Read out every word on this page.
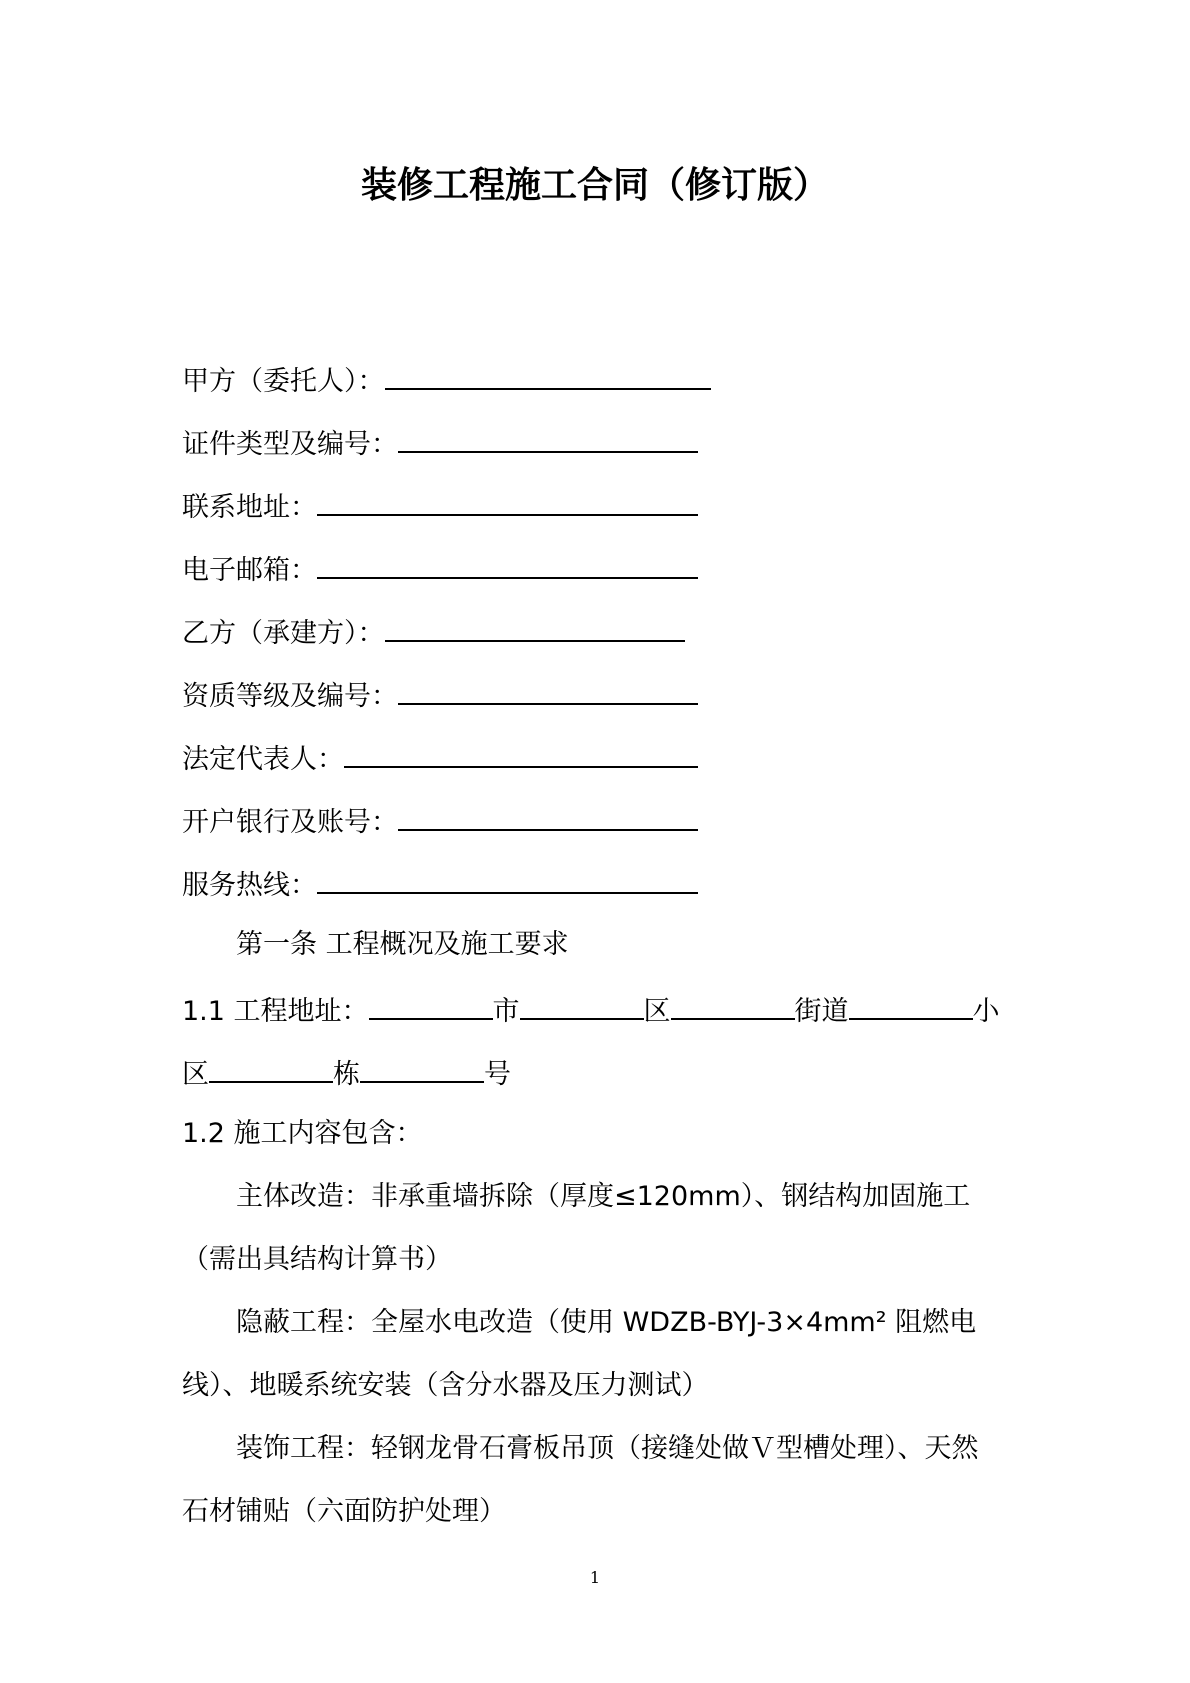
装修工程施工合同（修订版）
甲方（委托人）：
证件类型及编号：
联系地址：
电子邮箱：
乙方（承建方）：
资质等级及编号：
法定代表人：
开户银行及账号：
服务热线：
第一条 工程概况及施工要求
1.1 工程地址：	市	区	街道	小
区	栋	号
1.2 施工内容包含：
主体改造：非承重墙拆除（厚度≤120mm）、钢结构加固施工
（需出具结构计算书）
隐蔽工程：全屋水电改造（使用 WDZB-BYJ-3×4mm² 阻燃电
线）、地暖系统安装（含分水器及压力测试）
装饰工程：轻钢龙骨石膏板吊顶（接缝处做Ｖ型槽处理）、天然
石材铺贴（六面防护处理）
1
